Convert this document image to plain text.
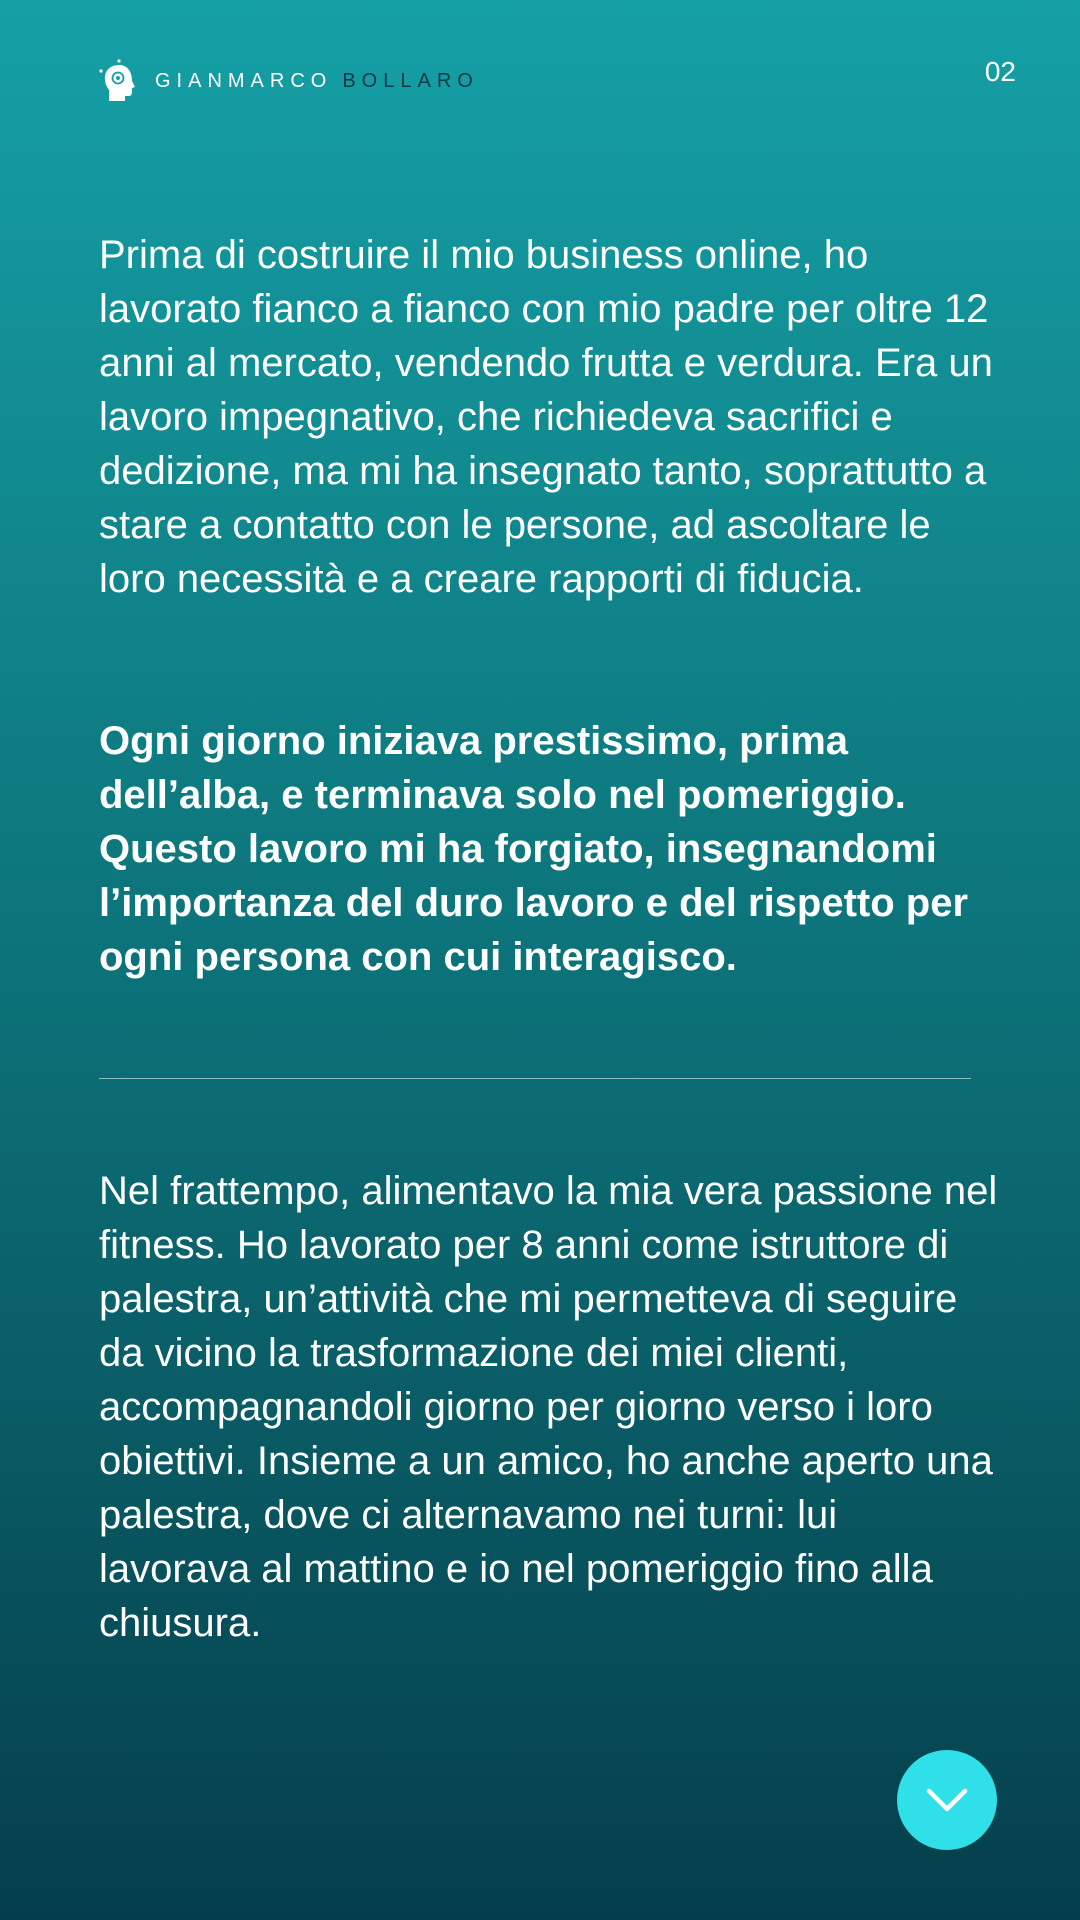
GIANMARCO BOLLARO	02

Prima di costruire il mio business online, ho lavorato fianco a fianco con mio padre per oltre 12 anni al mercato, vendendo frutta e verdura. Era un lavoro impegnativo, che richiedeva sacrifici e dedizione, ma mi ha insegnato tanto, soprattutto a stare a contatto con le persone, ad ascoltare le loro necessità e a creare rapporti di fiducia.

Ogni giorno iniziava prestissimo, prima dell’alba, e terminava solo nel pomeriggio. Questo lavoro mi ha forgiato, insegnandomi l’importanza del duro lavoro e del rispetto per ogni persona con cui interagisco.

Nel frattempo, alimentavo la mia vera passione nel fitness. Ho lavorato per 8 anni come istruttore di palestra, un’attività che mi permetteva di seguire da vicino la trasformazione dei miei clienti, accompagnandoli giorno per giorno verso i loro obiettivi. Insieme a un amico, ho anche aperto una palestra, dove ci alternavamo nei turni: lui lavorava al mattino e io nel pomeriggio fino alla chiusura.
